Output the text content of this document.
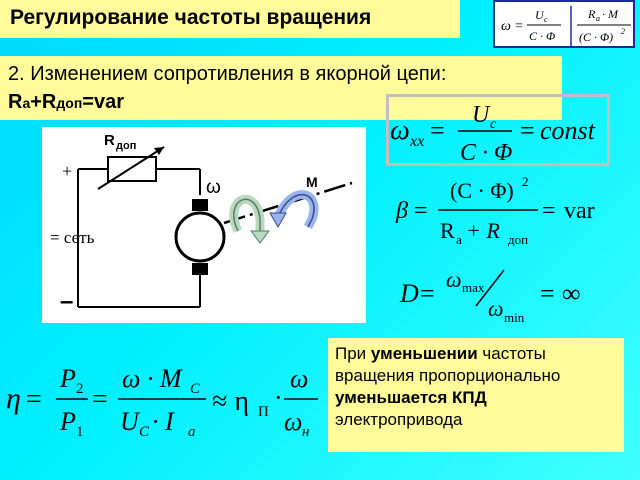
Регулирование частоты вращения	ω =
U c
C · Φ
R a · M
(C · Φ) 2
2. Изменением сопротивления в якорной цепи:
Ra+Rдоп=var
R доп
+
–
= сеть
ω	M
ω xx =
U c
C · Φ
= const
β =
(C · Φ) 2
R a + R доп
= var
D = ω max
ω min
= ∞
η =
P 2
P 1
=
ω · M C
U C · I a
≈ η П ·
ω
ω н
При уменьшении частоты вращения пропорционально уменьшается КПД электропривода
